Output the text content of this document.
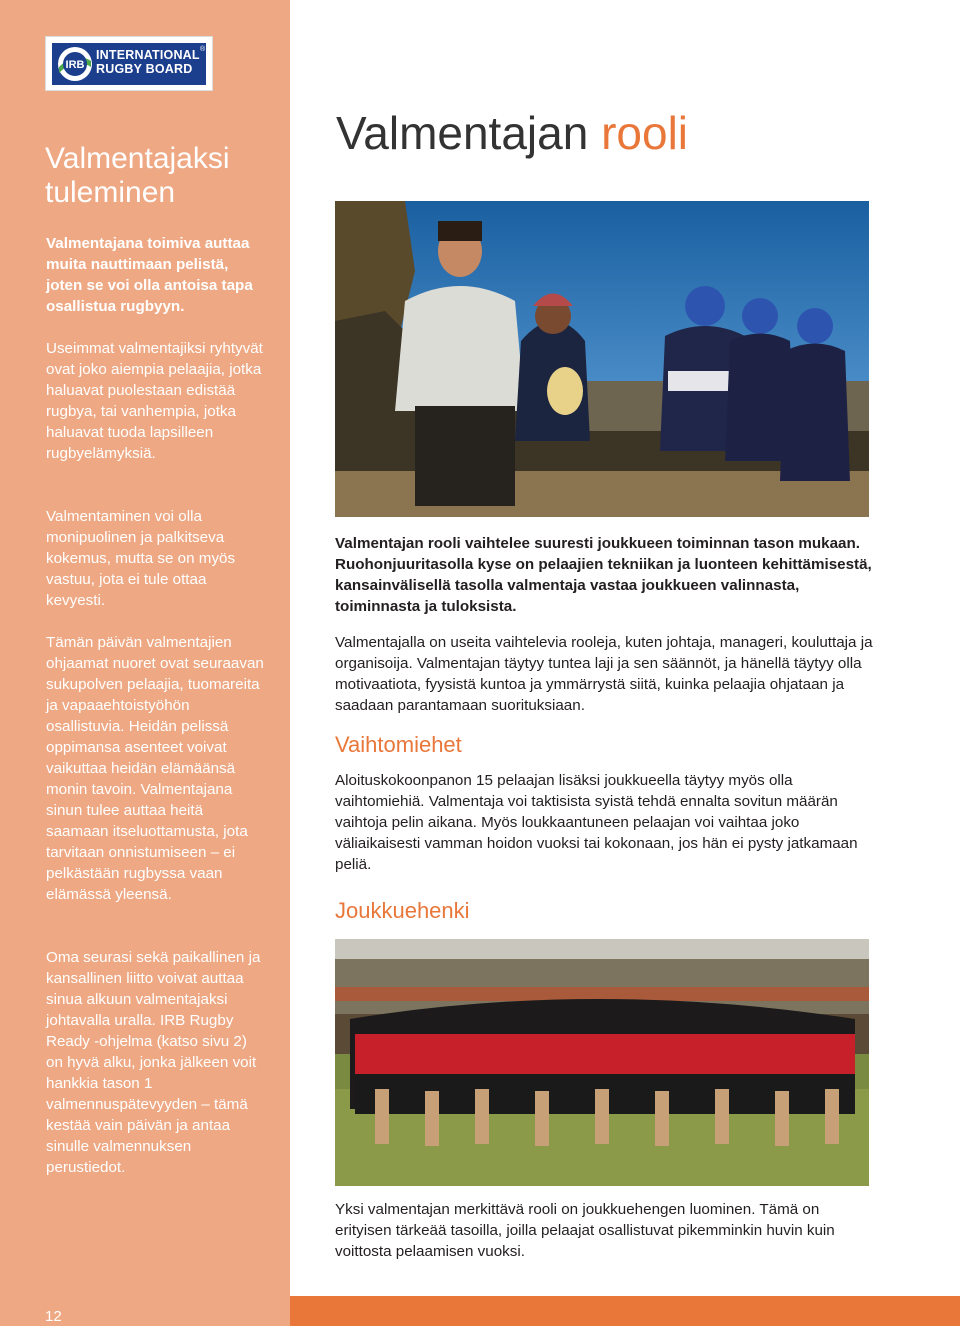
IRB
INTERNATIONAL
RUGBY BOARD
®
Valmentajaksi tuleminen

Valmentajana toimiva auttaa muita nauttimaan pelistä, joten se voi olla antoisa tapa osallistua rugbyyn.

Useimmat valmentajiksi ryhtyvät ovat joko aiempia pelaajia, jotka haluavat puolestaan edistää rugbya, tai vanhempia, jotka haluavat tuoda lapsilleen rugbyelämyksiä.

Valmentaminen voi olla monipuolinen ja palkitseva kokemus, mutta se on myös vastuu, jota ei tule ottaa kevyesti.

Tämän päivän valmentajien ohjaamat nuoret ovat seuraavan sukupolven pelaajia, tuomareita ja vapaaehtoistyöhön osallistuvia. Heidän pelissä oppimansa asenteet voivat vaikuttaa heidän elämäänsä monin tavoin. Valmentajana sinun tulee auttaa heitä saamaan itseluottamusta, jota tarvitaan onnistumiseen – ei pelkästään rugbyssa vaan elämässä yleensä.

Oma seurasi sekä paikallinen ja kansallinen liitto voivat auttaa sinua alkuun valmentajaksi johtavalla uralla. IRB Rugby Ready -ohjelma (katso sivu 2) on hyvä alku, jonka jälkeen voit hankkia tason 1 valmennuspätevyyden – tämä kestää vain päivän ja antaa sinulle valmennuksen perustiedot.

Valmentajan rooli

Valmentajan rooli vaihtelee suuresti joukkueen toiminnan tason mukaan. Ruohonjuuritasolla kyse on pelaajien tekniikan ja luonteen kehittämisestä, kansainvälisellä tasolla valmentaja vastaa joukkueen valinnasta, toiminnasta ja tuloksista.

Valmentajalla on useita vaihtelevia rooleja, kuten johtaja, manageri, kouluttaja ja organisoija. Valmentajan täytyy tuntea laji ja sen säännöt, ja hänellä täytyy olla motivaatiota, fyysistä kuntoa ja ymmärrystä siitä, kuinka pelaajia ohjataan ja saadaan parantamaan suorituksiaan.

Vaihtomiehet

Aloituskokoonpanon 15 pelaajan lisäksi joukkueella täytyy myös olla vaihtomiehiä. Valmentaja voi taktisista syistä tehdä ennalta sovitun määrän vaihtoja pelin aikana. Myös loukkaantuneen pelaajan voi vaihtaa joko väliaikaisesti vamman hoidon vuoksi tai kokonaan, jos hän ei pysty jatkamaan peliä.

Joukkuehenki

Yksi valmentajan merkittävä rooli on joukkuehengen luominen. Tämä on erityisen tärkeää tasoilla, joilla pelaajat osallistuvat pikemminkin huvin kuin voittosta pelaamisen vuoksi.

12
